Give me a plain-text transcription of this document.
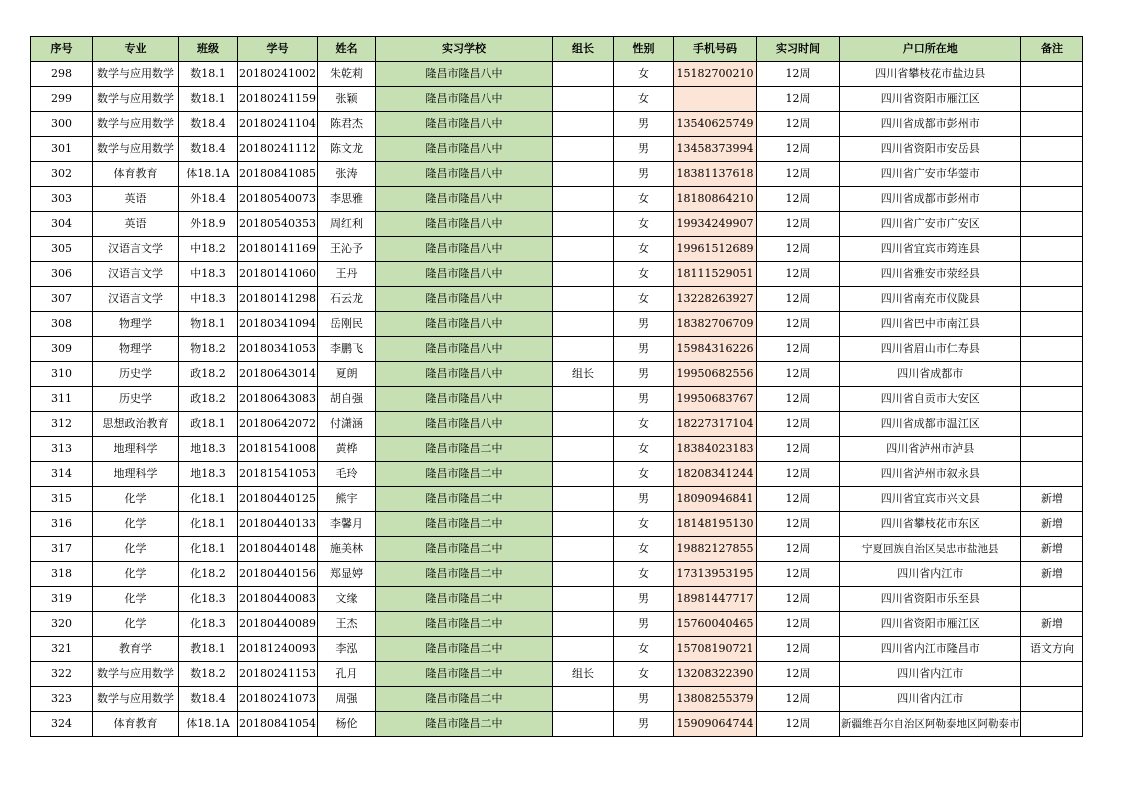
序号	专业	班级	学号	姓名	实习学校	组长	性别	手机号码	实习时间	户口所在地	备注
298	数学与应用数学	数18.1	20180241002	朱乾莉	隆昌市隆昌八中		女	15182700210	12周	四川省攀枝花市盐边县	
299	数学与应用数学	数18.1	20180241159	张颖	隆昌市隆昌八中		女		12周	四川省资阳市雁江区	
300	数学与应用数学	数18.4	20180241104	陈君杰	隆昌市隆昌八中		男	13540625749	12周	四川省成都市彭州市	
301	数学与应用数学	数18.4	20180241112	陈文龙	隆昌市隆昌八中		男	13458373994	12周	四川省资阳市安岳县	
302	体育教育	体18.1A	20180841085	张涛	隆昌市隆昌八中		男	18381137618	12周	四川省广安市华蓥市	
303	英语	外18.4	20180540073	李思雅	隆昌市隆昌八中		女	18180864210	12周	四川省成都市彭州市	
304	英语	外18.9	20180540353	周红利	隆昌市隆昌八中		女	19934249907	12周	四川省广安市广安区	
305	汉语言文学	中18.2	20180141169	王沁予	隆昌市隆昌八中		女	19961512689	12周	四川省宜宾市筠连县	
306	汉语言文学	中18.3	20180141060	王丹	隆昌市隆昌八中		女	18111529051	12周	四川省雅安市荥经县	
307	汉语言文学	中18.3	20180141298	石云龙	隆昌市隆昌八中		女	13228263927	12周	四川省南充市仪陇县	
308	物理学	物18.1	20180341094	岳刚民	隆昌市隆昌八中		男	18382706709	12周	四川省巴中市南江县	
309	物理学	物18.2	20180341053	李鹏飞	隆昌市隆昌八中		男	15984316226	12周	四川省眉山市仁寿县	
310	历史学	政18.2	20180643014	夏朗	隆昌市隆昌八中	组长	男	19950682556	12周	四川省成都市	
311	历史学	政18.2	20180643083	胡自强	隆昌市隆昌八中		男	19950683767	12周	四川省自贡市大安区	
312	思想政治教育	政18.1	20180642072	付潇涵	隆昌市隆昌八中		女	18227317104	12周	四川省成都市温江区	
313	地理科学	地18.3	20181541008	黄桦	隆昌市隆昌二中		女	18384023183	12周	四川省泸州市泸县	
314	地理科学	地18.3	20181541053	毛玲	隆昌市隆昌二中		女	18208341244	12周	四川省泸州市叙永县	
315	化学	化18.1	20180440125	熊宇	隆昌市隆昌二中		男	18090946841	12周	四川省宜宾市兴文县	新增
316	化学	化18.1	20180440133	李馨月	隆昌市隆昌二中		女	18148195130	12周	四川省攀枝花市东区	新增
317	化学	化18.1	20180440148	施美林	隆昌市隆昌二中		女	19882127855	12周	宁夏回族自治区吴忠市盐池县	新增
318	化学	化18.2	20180440156	郑显婷	隆昌市隆昌二中		女	17313953195	12周	四川省内江市	新增
319	化学	化18.3	20180440083	文缘	隆昌市隆昌二中		男	18981447717	12周	四川省资阳市乐至县	
320	化学	化18.3	20180440089	王杰	隆昌市隆昌二中		男	15760040465	12周	四川省资阳市雁江区	新增
321	教育学	教18.1	20181240093	李泓	隆昌市隆昌二中		女	15708190721	12周	四川省内江市隆昌市	语文方向
322	数学与应用数学	数18.2	20180241153	孔月	隆昌市隆昌二中	组长	女	13208322390	12周	四川省内江市	
323	数学与应用数学	数18.4	20180241073	周强	隆昌市隆昌二中		男	13808255379	12周	四川省内江市	
324	体育教育	体18.1A	20180841054	杨伦	隆昌市隆昌二中		男	15909064744	12周	新疆维吾尔自治区阿勒泰地区阿勒泰市	
